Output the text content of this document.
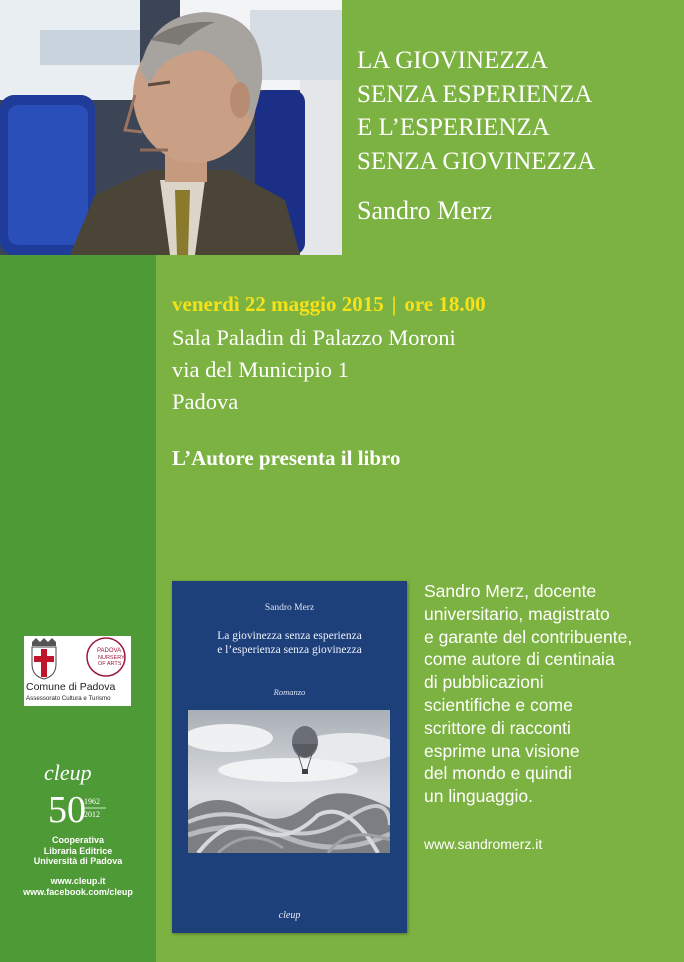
LA GIOVINEZZA
SENZA ESPERIENZA
E L’ESPERIENZA
SENZA GIOVINEZZA
Sandro Merz
venerdì 22 maggio 2015 | ore 18.00
Sala Paladin di Palazzo Moroni
via del Municipio 1
Padova
L’Autore presenta il libro
Sandro Merz
La giovinezza senza esperienza
e l’esperienza senza giovinezza
Romanzo
cleup
Sandro Merz, docente
universitario, magistrato
e garante del contribuente,
come autore di centinaia
di pubblicazioni
scientifiche e come
scrittore di racconti
esprime una visione
del mondo e quindi
un linguaggio.
www.sandromerz.it
PADOVA
NURSERY
OF ARTS
Comune di Padova
Assessorato Cultura e Turismo
cleup
50
1962
2012
Cooperativa
Libraria Editrice
Università di Padova
www.cleup.it
www.facebook.com/cleup
